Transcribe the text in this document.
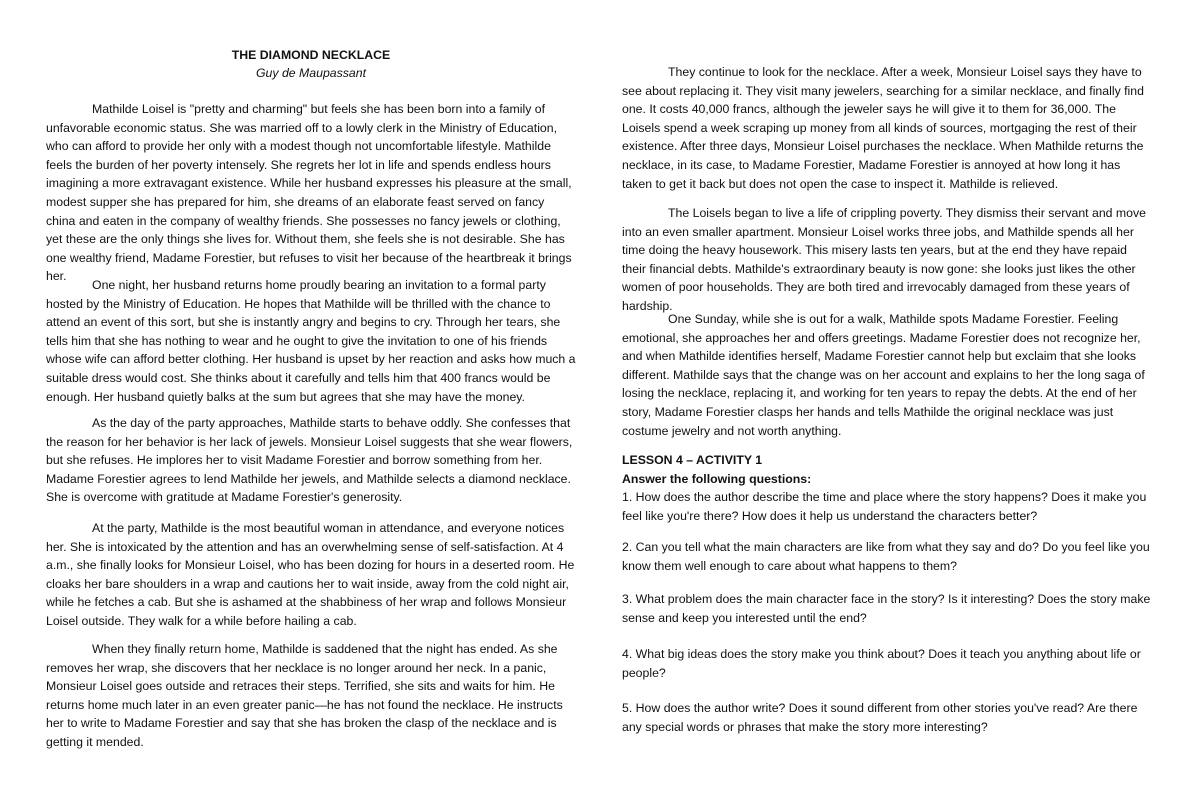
THE DIAMOND NECKLACE
Guy de Maupassant

Mathilde Loisel is "pretty and charming" but feels she has been born into a family of unfavorable economic status. She was married off to a lowly clerk in the Ministry of Education, who can afford to provide her only with a modest though not uncomfortable lifestyle. Mathilde feels the burden of her poverty intensely. She regrets her lot in life and spends endless hours imagining a more extravagant existence. While her husband expresses his pleasure at the small, modest supper she has prepared for him, she dreams of an elaborate feast served on fancy china and eaten in the company of wealthy friends. She possesses no fancy jewels or clothing, yet these are the only things she lives for. Without them, she feels she is not desirable. She has one wealthy friend, Madame Forestier, but refuses to visit her because of the heartbreak it brings her.

One night, her husband returns home proudly bearing an invitation to a formal party hosted by the Ministry of Education. He hopes that Mathilde will be thrilled with the chance to attend an event of this sort, but she is instantly angry and begins to cry. Through her tears, she tells him that she has nothing to wear and he ought to give the invitation to one of his friends whose wife can afford better clothing. Her husband is upset by her reaction and asks how much a suitable dress would cost. She thinks about it carefully and tells him that 400 francs would be enough. Her husband quietly balks at the sum but agrees that she may have the money.

As the day of the party approaches, Mathilde starts to behave oddly. She confesses that the reason for her behavior is her lack of jewels. Monsieur Loisel suggests that she wear flowers, but she refuses. He implores her to visit Madame Forestier and borrow something from her. Madame Forestier agrees to lend Mathilde her jewels, and Mathilde selects a diamond necklace. She is overcome with gratitude at Madame Forestier's generosity.

At the party, Mathilde is the most beautiful woman in attendance, and everyone notices her. She is intoxicated by the attention and has an overwhelming sense of self-satisfaction. At 4 a.m., she finally looks for Monsieur Loisel, who has been dozing for hours in a deserted room. He cloaks her bare shoulders in a wrap and cautions her to wait inside, away from the cold night air, while he fetches a cab. But she is ashamed at the shabbiness of her wrap and follows Monsieur Loisel outside. They walk for a while before hailing a cab.

When they finally return home, Mathilde is saddened that the night has ended. As she removes her wrap, she discovers that her necklace is no longer around her neck. In a panic, Monsieur Loisel goes outside and retraces their steps. Terrified, she sits and waits for him. He returns home much later in an even greater panic—he has not found the necklace. He instructs her to write to Madame Forestier and say that she has broken the clasp of the necklace and is getting it mended.

They continue to look for the necklace. After a week, Monsieur Loisel says they have to see about replacing it. They visit many jewelers, searching for a similar necklace, and finally find one. It costs 40,000 francs, although the jeweler says he will give it to them for 36,000. The Loisels spend a week scraping up money from all kinds of sources, mortgaging the rest of their existence. After three days, Monsieur Loisel purchases the necklace. When Mathilde returns the necklace, in its case, to Madame Forestier, Madame Forestier is annoyed at how long it has taken to get it back but does not open the case to inspect it. Mathilde is relieved.

The Loisels began to live a life of crippling poverty. They dismiss their servant and move into an even smaller apartment. Monsieur Loisel works three jobs, and Mathilde spends all her time doing the heavy housework. This misery lasts ten years, but at the end they have repaid their financial debts. Mathilde's extraordinary beauty is now gone: she looks just likes the other women of poor households. They are both tired and irrevocably damaged from these years of hardship.

One Sunday, while she is out for a walk, Mathilde spots Madame Forestier. Feeling emotional, she approaches her and offers greetings. Madame Forestier does not recognize her, and when Mathilde identifies herself, Madame Forestier cannot help but exclaim that she looks different. Mathilde says that the change was on her account and explains to her the long saga of losing the necklace, replacing it, and working for ten years to repay the debts. At the end of her story, Madame Forestier clasps her hands and tells Mathilde the original necklace was just costume jewelry and not worth anything.

LESSON 4 – ACTIVITY 1

Answer the following questions:

1. How does the author describe the time and place where the story happens? Does it make you feel like you're there? How does it help us understand the characters better?

2. Can you tell what the main characters are like from what they say and do? Do you feel like you know them well enough to care about what happens to them?

3. What problem does the main character face in the story? Is it interesting? Does the story make sense and keep you interested until the end?

4. What big ideas does the story make you think about? Does it teach you anything about life or people?

5. How does the author write? Does it sound different from other stories you've read? Are there any special words or phrases that make the story more interesting?
